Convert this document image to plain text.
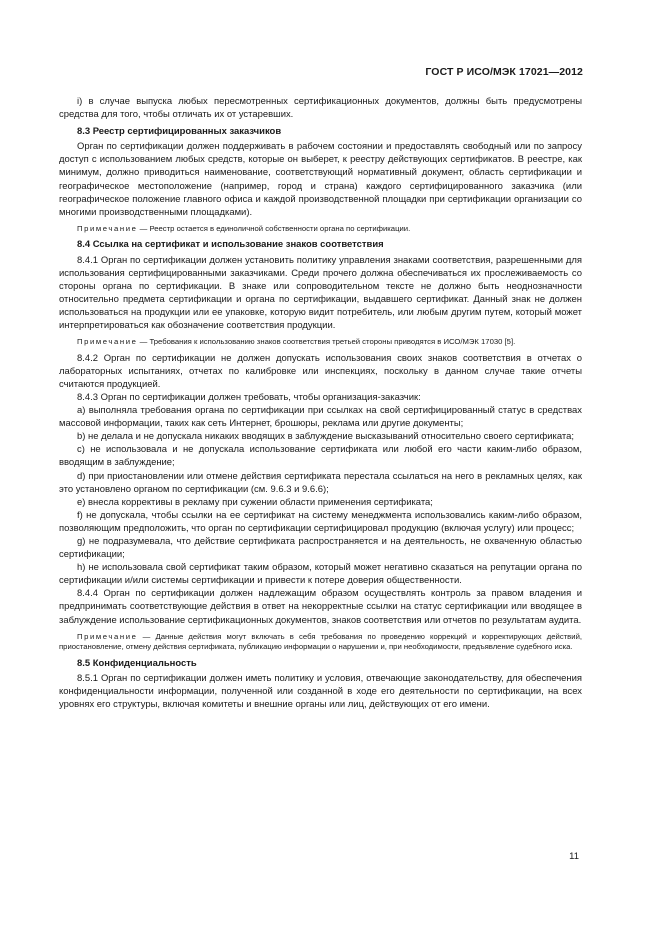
ГОСТ Р ИСО/МЭК 17021—2012

i) в случае выпуска любых пересмотренных сертификационных документов, должны быть предусмотрены средства для того, чтобы отличать их от устаревших.

8.3 Реестр сертифицированных заказчиков

Орган по сертификации должен поддерживать в рабочем состоянии и предоставлять свободный или по запросу доступ с использованием любых средств, которые он выберет, к реестру действующих сертификатов. В реестре, как минимум, должно приводиться наименование, соответствующий нормативный документ, область сертификации и географическое местоположение (например, город и страна) каждого сертифицированного заказчика (или географическое положение главного офиса и каждой производственной площадки при сертификации организации со многими производственными площадками).

Примечание — Реестр остается в единоличной собственности органа по сертификации.

8.4 Ссылка на сертификат и использование знаков соответствия

8.4.1 Орган по сертификации должен установить политику управления знаками соответствия, разрешенными для использования сертифицированными заказчиками. Среди прочего должна обеспечиваться их прослеживаемость со стороны органа по сертификации. В знаке или сопроводительном тексте не должно быть неоднозначности относительно предмета сертификации и органа по сертификации, выдавшего сертификат. Данный знак не должен использоваться на продукции или ее упаковке, которую видит потребитель, или любым другим путем, который может интерпретироваться как обозначение соответствия продукции.

Примечание — Требования к использованию знаков соответствия третьей стороны приводятся в ИСО/МЭК 17030 [5].

8.4.2 Орган по сертификации не должен допускать использования своих знаков соответствия в отчетах о лабораторных испытаниях, отчетах по калибровке или инспекциях, поскольку в данном случае такие отчеты считаются продукцией.

8.4.3 Орган по сертификации должен требовать, чтобы организация-заказчик:

a) выполняла требования органа по сертификации при ссылках на свой сертифицированный статус в средствах массовой информации, таких как сеть Интернет, брошюры, реклама или другие документы;

b) не делала и не допускала никаких вводящих в заблуждение высказываний относительно своего сертификата;

c) не использовала и не допускала использование сертификата или любой его части каким-либо образом, вводящим в заблуждение;

d) при приостановлении или отмене действия сертификата перестала ссылаться на него в рекламных целях, как это установлено органом по сертификации (см. 9.6.3 и 9.6.6);

e) внесла коррективы в рекламу при сужении области применения сертификата;

f) не допускала, чтобы ссылки на ее сертификат на систему менеджмента использовались каким-либо образом, позволяющим предположить, что орган по сертификации сертифицировал продукцию (включая услугу) или процесс;

g) не подразумевала, что действие сертификата распространяется и на деятельность, не охваченную областью сертификации;

h) не использовала свой сертификат таким образом, который может негативно сказаться на репутации органа по сертификации и/или системы сертификации и привести к потере доверия общественности.

8.4.4 Орган по сертификации должен надлежащим образом осуществлять контроль за правом владения и предпринимать соответствующие действия в ответ на некорректные ссылки на статус сертификации или вводящее в заблуждение использование сертификационных документов, знаков соответствия или отчетов по результатам аудита.

Примечание — Данные действия могут включать в себя требования по проведению коррекций и корректирующих действий, приостановление, отмену действия сертификата, публикацию информации о нарушении и, при необходимости, предъявление судебного иска.

8.5 Конфиденциальность

8.5.1 Орган по сертификации должен иметь политику и условия, отвечающие законодательству, для обеспечения конфиденциальности информации, полученной или созданной в ходе его деятельности по сертификации, на всех уровнях его структуры, включая комитеты и внешние органы или лиц, действующих от его имени.

11
